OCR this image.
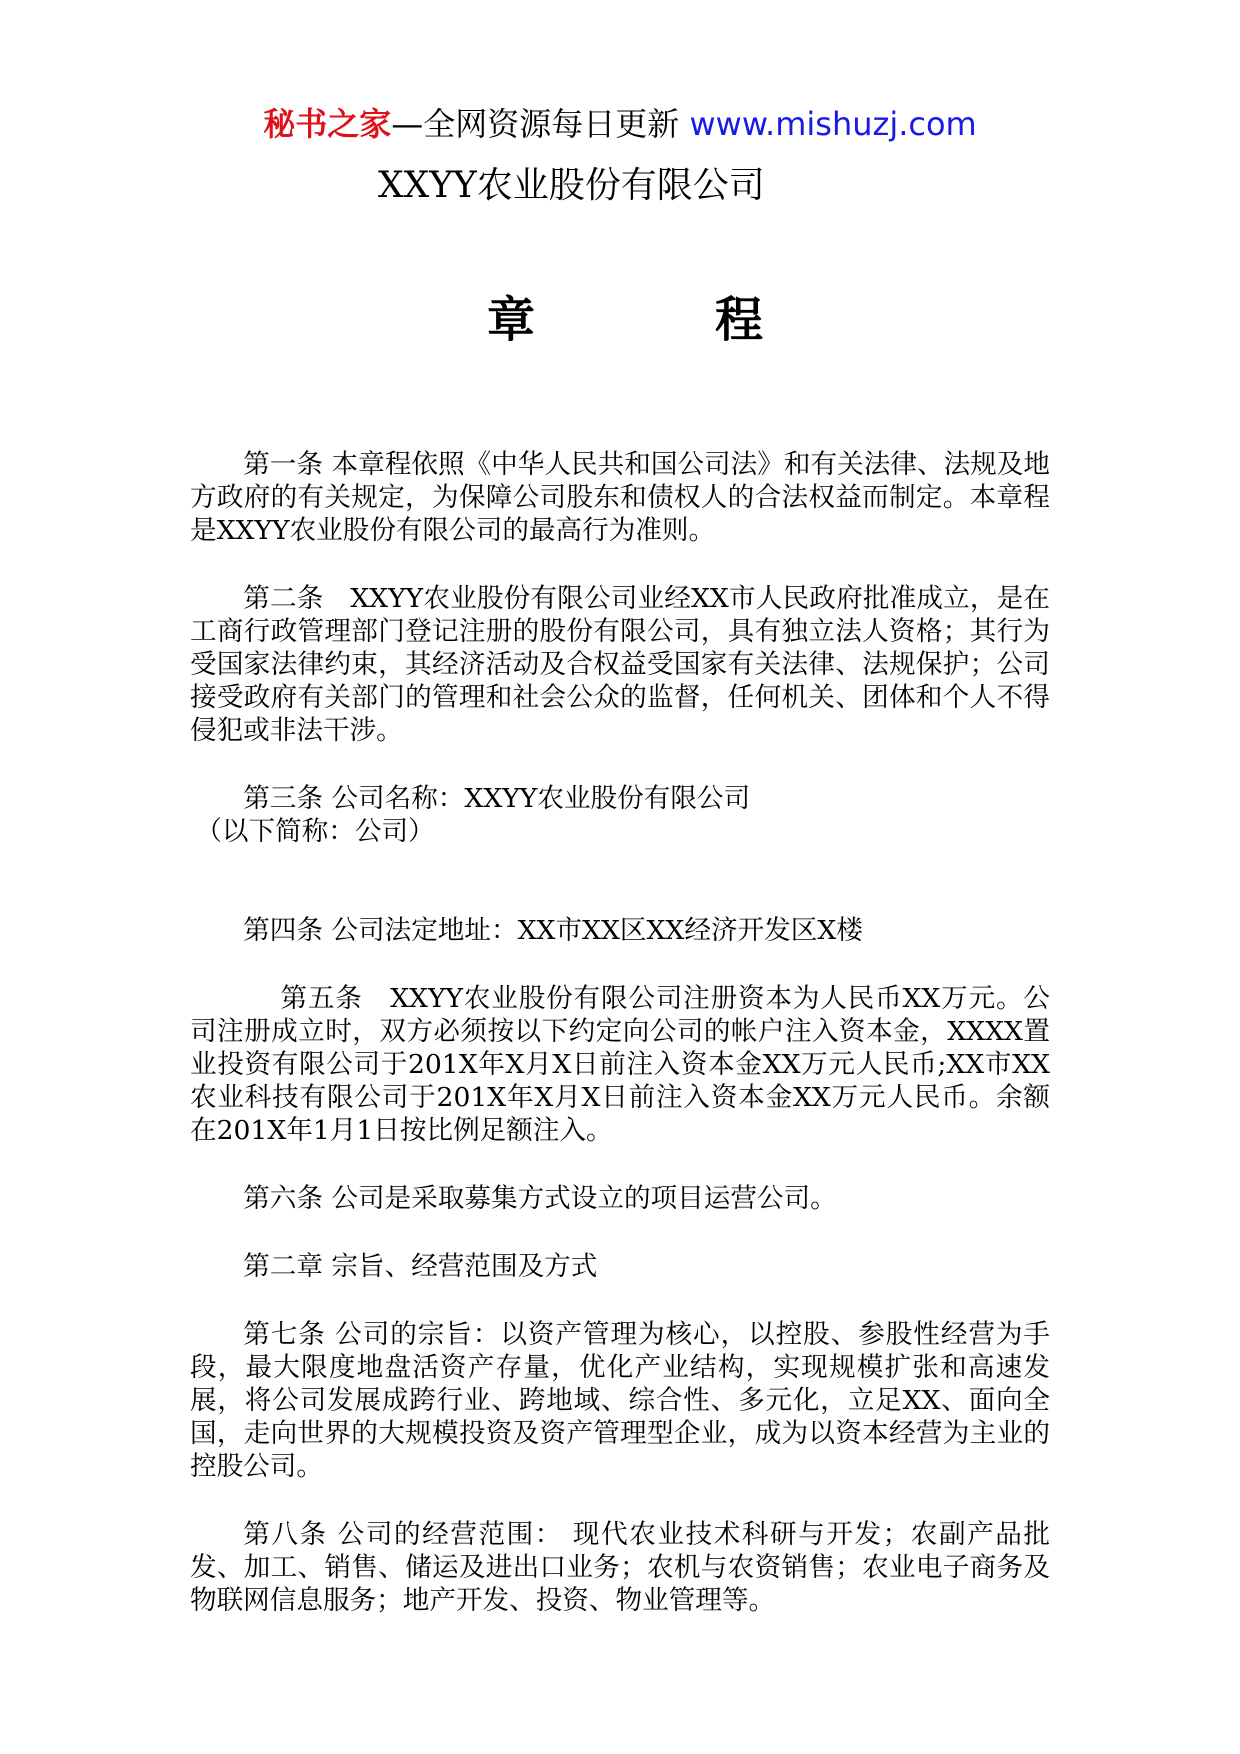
秘书之家—全网资源每日更新 www.mishuzj.com
XXYY农业股份有限公司
章	程

第一条 本章程依照《中华人民共和国公司法》和有关法律、法规及地方政府的有关规定，为保障公司股东和债权人的合法权益而制定。本章程是XXYY农业股份有限公司的最高行为准则。

第二条　XXYY农业股份有限公司业经XX市人民政府批准成立，是在工商行政管理部门登记注册的股份有限公司，具有独立法人资格；其行为受国家法律约束，其经济活动及合权益受国家有关法律、法规保护；公司接受政府有关部门的管理和社会公众的监督，任何机关、团体和个人不得侵犯或非法干涉。

第三条 公司名称：XXYY农业股份有限公司

（以下简称：公司）

第四条 公司法定地址：XX市XX区XX经济开发区X楼

第五条　XXYY农业股份有限公司注册资本为人民币XX万元。公司注册成立时，双方必须按以下约定向公司的帐户注入资本金，XXXX置业投资有限公司于201X年X月X日前注入资本金XX万元人民币;XX市XX农业科技有限公司于201X年X月X日前注入资本金XX万元人民币。余额在201X年1月1日按比例足额注入。

第六条 公司是采取募集方式设立的项目运营公司。

第二章 宗旨、经营范围及方式

第七条 公司的宗旨：以资产管理为核心，以控股、参股性经营为手 段，最大限度地盘活资产存量，优化产业结构，实现规模扩张和高速发展，将公司发展成跨行业、跨地域、综合性、多元化，立足XX、面向全国，走向世界的大规模投资及资产管理型企业，成为以资本经营为主业的控股公司。

第八条 公司的经营范围： 现代农业技术科研与开发；农副产品批发、加工、销售、储运及进出口业务；农机与农资销售；农业电子商务及物联网信息服务；地产开发、投资、物业管理等。
